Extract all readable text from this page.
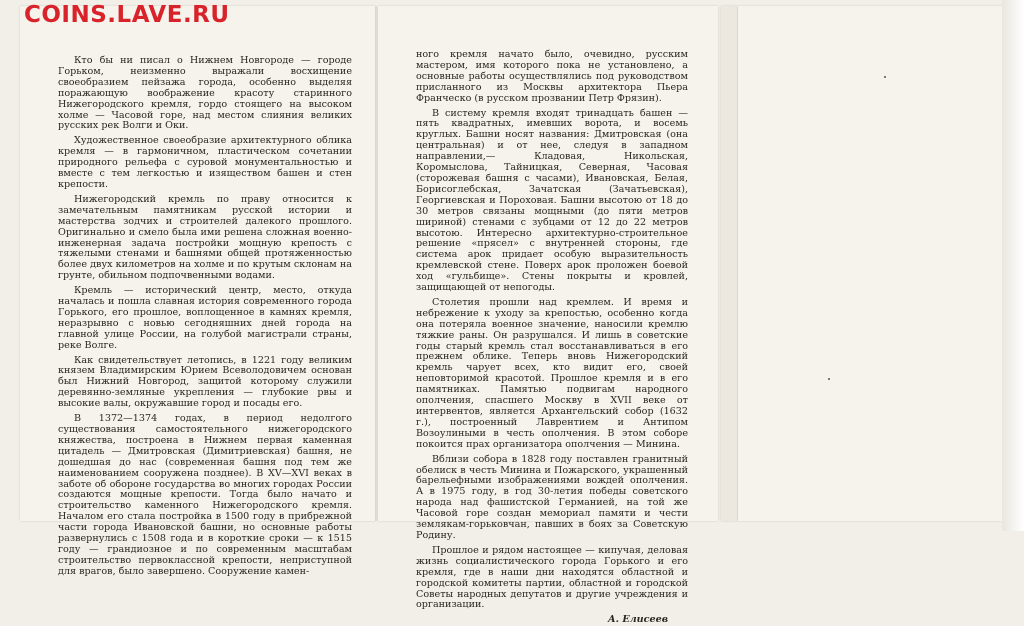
COINS.LAVE.RU

Кто бы ни писал о Нижнем Новгороде — городе Горьком, неизменно выражали восхищение своеобразием пейзажа города, особенно выделяя поражающую воображение красоту старинного Нижегородского кремля, гордо стоящего на высоком холме — Часовой горе, над местом слияния великих русских рек Волги и Оки.

Художественное своеобразие архитектурного облика кремля — в гармоничном, пластическом сочетании природного рельефа с суровой монументальностью и вместе с тем легкостью и изяществом башен и стен крепости.

Нижегородский кремль по праву относится к замечательным памятникам русской истории и мастерства зодчих и строителей далекого прошлого. Оригинально и смело была ими решена сложная военно-инженерная задача постройки мощную крепость с тяжелыми стенами и башнями общей протяженностью более двух километров на холме и по крутым склонам на грунте, обильном подпочвенными водами.

Кремль — исторический центр, место, откуда началась и пошла славная история современного города Горького, его прошлое, воплощенное в камнях кремля, неразрывно с новью сегодняшних дней города на главной улице России, на голубой магистрали страны, реке Волге.

Как свидетельствует летопись, в 1221 году великим князем Владимирским Юрием Всеволодовичем основан был Нижний Новгород, защитой которому служили деревянно-земляные укрепления — глубокие рвы и высокие валы, окружавшие город и посады его.

В 1372—1374 годах, в период недолгого существования самостоятельного нижегородского княжества, построена в Нижнем первая каменная цитадель — Дмитровская (Димитриевская) башня, не дошедшая до нас (современная башня под тем же наименованием сооружена позднее). В XV—XVI веках в заботе об обороне государства во многих городах России создаются мощные крепости. Тогда было начато и строительство каменного Нижегородского кремля. Началом его стала постройка в 1500 году в прибрежной части города Ивановской башни, но основные работы развернулись с 1508 года и в короткие сроки — к 1515 году — грандиозное и по современным масштабам строительство первоклассной крепости, неприступной для врагов, было завершено. Сооружение камен-

ного кремля начато было, очевидно, русским мастером, имя которого пока не установлено, а основные работы осуществлялись под руководством присланного из Москвы архитектора Пьера Франческо (в русском прозвании Петр Фрязин).

В систему кремля входят тринадцать башен — пять квадратных, имевших ворота, и восемь круглых. Башни носят названия: Дмитровская (она центральная) и от нее, следуя в западном направлении,— Кладовая, Никольская, Коромыслова, Тайницкая, Северная, Часовая (сторожевая башня с часами), Ивановская, Белая, Борисоглебская, Зачатская (Зачатьевская), Георгиевская и Пороховая. Башни высотою от 18 до 30 метров связаны мощными (до пяти метров шириной) стенами с зубцами от 12 до 22 метров высотою. Интересно архитектурно-строительное решение «прясел» с внутренней стороны, где система арок придает особую выразительность кремлевской стене. Поверх арок проложен боевой ход «гульбище». Стены покрыты и кровлей, защищающей от непогоды.

Столетия прошли над кремлем. И время и небрежение к уходу за крепостью, особенно когда она потеряла военное значение, наносили кремлю тяжкие раны. Он разрушался. И лишь в советские годы старый кремль стал восстанавливаться в его прежнем облике. Теперь вновь Нижегородский кремль чарует всех, кто видит его, своей неповторимой красотой. Прошлое кремля и в его памятниках. Памятью подвигам народного ополчения, спасшего Москву в XVII веке от интервентов, является Архангельский собор (1632 г.), построенный Лаврентием и Антипом Возоулиными в честь ополчения. В этом соборе покоится прах организатора ополчения — Минина.

Вблизи собора в 1828 году поставлен гранитный обелиск в честь Минина и Пожарского, украшенный барельефными изображениями вождей ополчения. А в 1975 году, в год 30-летия победы советского народа над фашистской Германией, на той же Часовой горе создан мемориал памяти и чести землякам-горьковчан, павших в боях за Советскую Родину.

Прошлое и рядом настоящее — кипучая, деловая жизнь социалистического города Горького и его кремля, где в наши дни находятся областной и городской комитеты партии, областной и городской Советы народных депутатов и другие учреждения и организации.

А. Елисеев
